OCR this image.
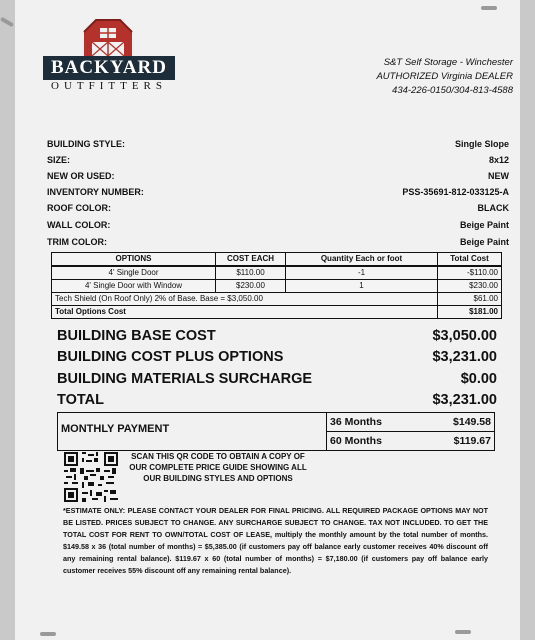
BACKYARD
OUTFITTERS
S&T Self Storage - Winchester
AUTHORIZED Virginia DEALER
434-226-0150/304-813-4588
BUILDING STYLE:	Single Slope
SIZE:	8x12
NEW OR USED:	NEW
INVENTORY NUMBER:	PSS-35691-812-033125-A
ROOF COLOR:	BLACK
WALL COLOR:	Beige Paint
TRIM COLOR:	Beige Paint
OPTIONS	COST EACH	Quantity Each or foot	Total Cost
4' Single Door	$110.00	-1	-$110.00
4' Single Door with Window	$230.00	1	$230.00
Tech Shield (On Roof Only) 2% of Base. Base = $3,050.00			$61.00
Total Options Cost			$181.00
BUILDING BASE COST	$3,050.00
BUILDING COST PLUS OPTIONS	$3,231.00
BUILDING MATERIALS SURCHARGE	$0.00
TOTAL	$3,231.00
MONTHLY PAYMENT
36 Months	$149.58
60 Months	$119.67
SCAN THIS QR CODE TO OBTAIN A COPY OF OUR COMPLETE PRICE GUIDE SHOWING ALL OUR BUILDING STYLES AND OPTIONS
*ESTIMATE ONLY: PLEASE CONTACT YOUR DEALER FOR FINAL PRICING. ALL REQUIRED PACKAGE OPTIONS MAY NOT BE LISTED. PRICES SUBJECT TO CHANGE. ANY SURCHARGE SUBJECT TO CHANGE. TAX NOT INCLUDED. TO GET THE TOTAL COST FOR RENT TO OWN/TOTAL COST OF LEASE, multiply the monthly amount by the total number of months. $149.58 x 36 (total number of months) = $5,385.00 (if customers pay off balance early customer receives 40% discount off any remaining rental balance). $119.67 x 60 (total number of months) = $7,180.00 (if customers pay off balance early customer receives 55% discount off any remaining rental balance).
